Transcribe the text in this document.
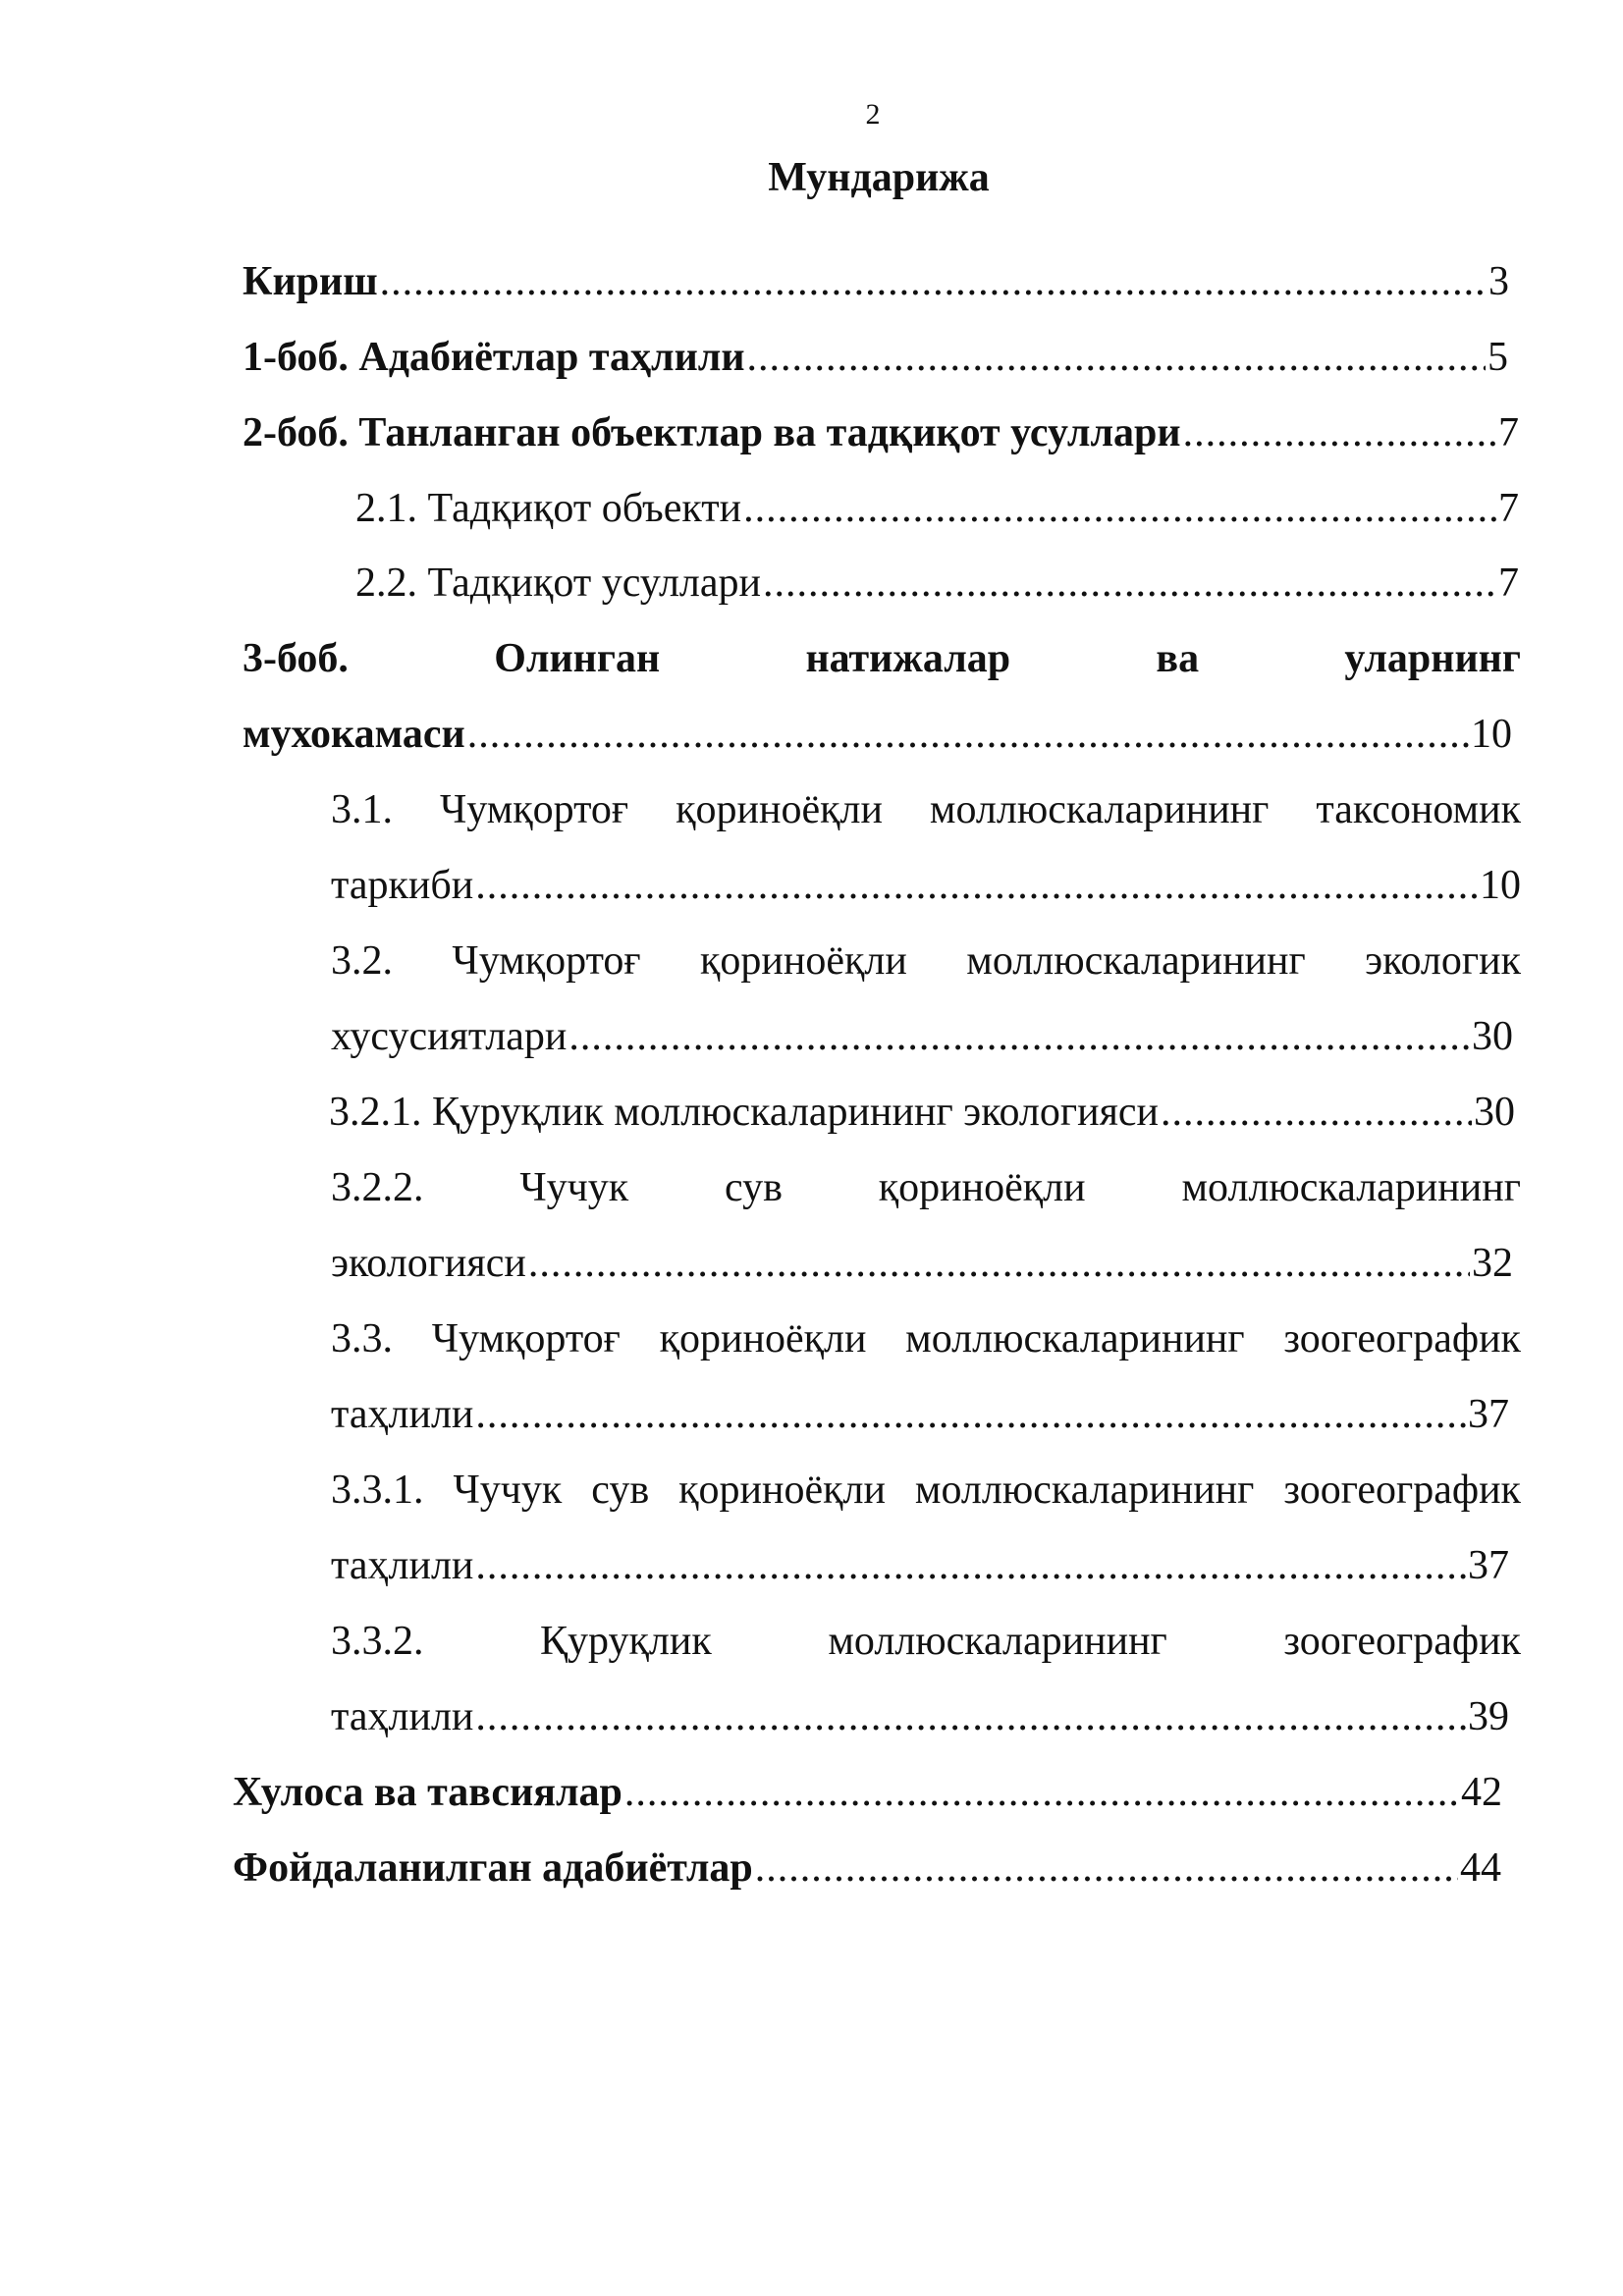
2
Мундарижа
Кириш .....	3
1-боб. Адабиётлар таҳлили .....	5
2-боб. Танланган объектлар ва тадқиқот усуллари .....	7
2.1. Тадқиқот объекти .....	7
2.2. Тадқиқот усуллари .....	7
3-боб.	Олинган	натижалар	ва	уларнинг
мухокамаси .....	10
3.1. Чумқортоғ қориноёқли моллюскаларининг таксономик
таркиби .....	10
3.2. Чумқортоғ қориноёқли моллюскаларининг экологик
хусусиятлари .....	30
3.2.1. Қуруқлик моллюскаларининг экологияси .....	30
3.2.2. Чучук сув қориноёқли моллюскаларининг
экологияси .....	32
3.3. Чумқортоғ қориноёқли моллюскаларининг зоогеографик
таҳлили .....	37
3.3.1. Чучук сув қориноёқли моллюскаларининг зоогеографик
таҳлили .....	37
3.3.2.	Қуруқлик	моллюскаларининг	зоогеографик
таҳлили .....	39
Хулоса ва тавсиялар .....	42
Фойдаланилган адабиётлар .....	44
